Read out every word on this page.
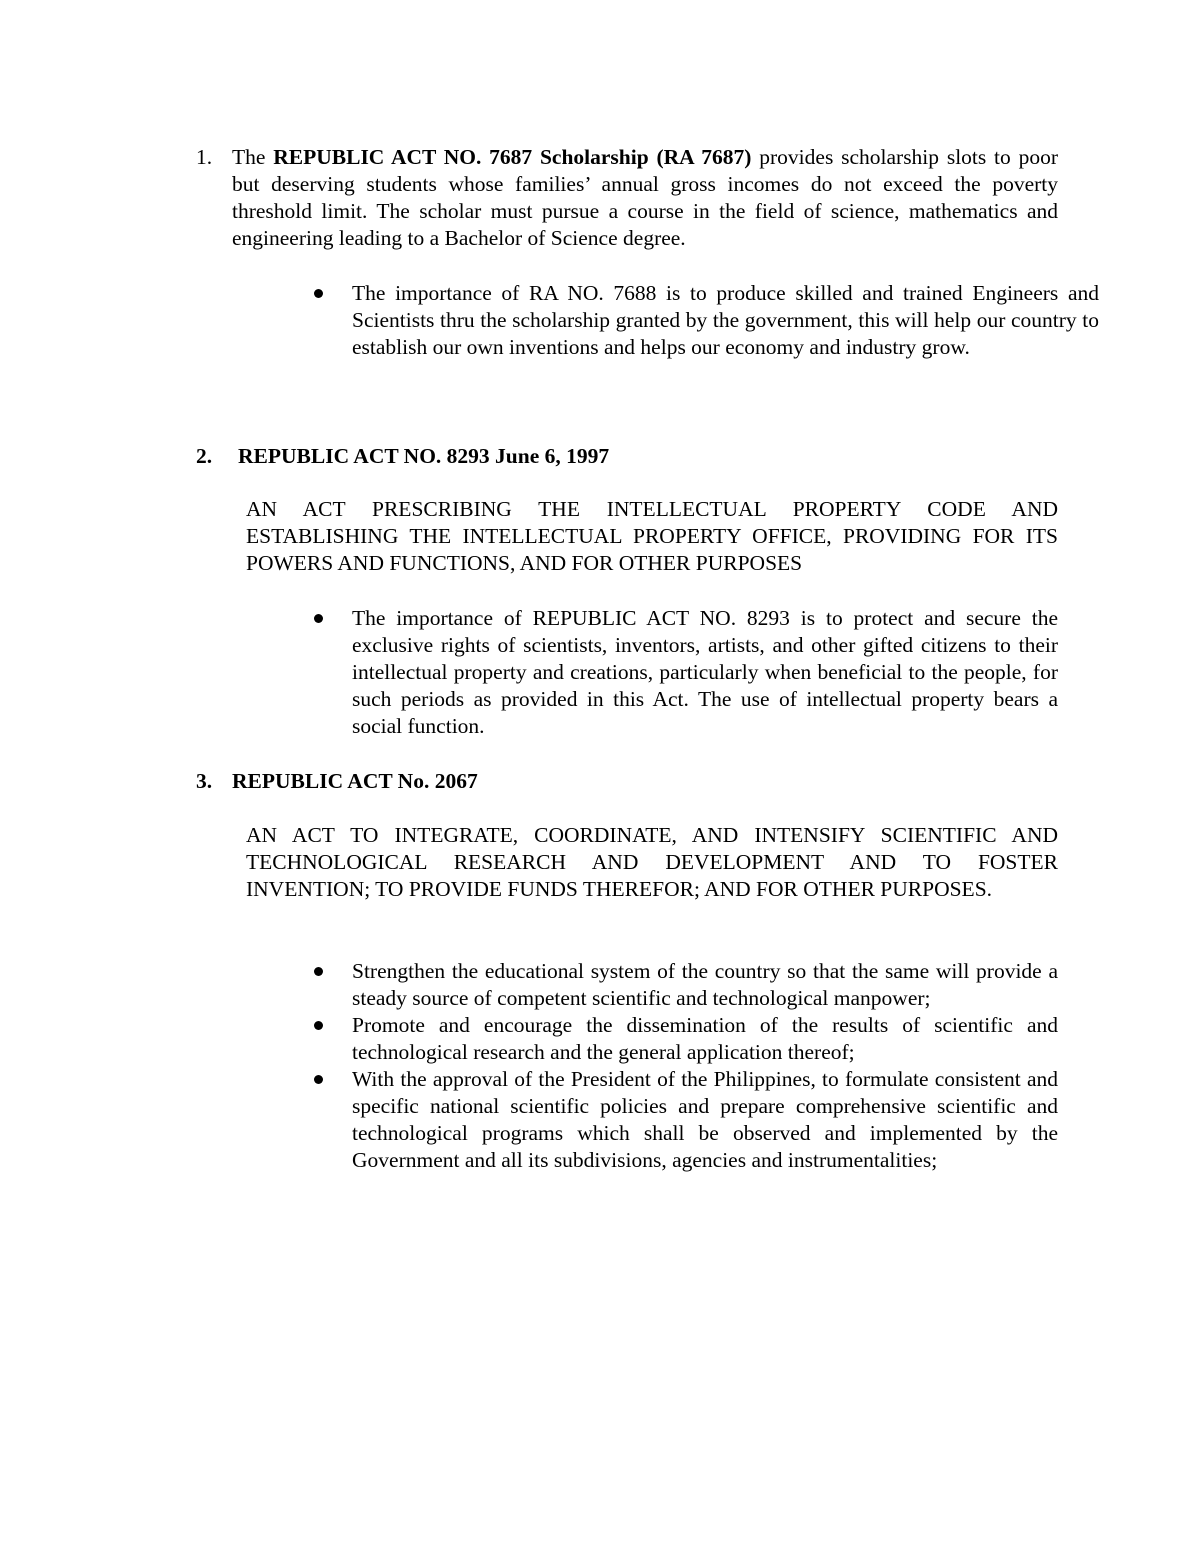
1. The REPUBLIC ACT NO. 7687 Scholarship (RA 7687) provides scholarship slots to poor but deserving students whose families’ annual gross incomes do not exceed the poverty threshold limit. The scholar must pursue a course in the field of science, mathematics and engineering leading to a Bachelor of Science degree.
The importance of RA NO. 7688 is to produce skilled and trained Engineers and Scientists thru the scholarship granted by the government, this will help our country to establish our own inventions and helps our economy and industry grow.
2. REPUBLIC ACT NO. 8293 June 6, 1997
AN ACT PRESCRIBING THE INTELLECTUAL PROPERTY CODE AND ESTABLISHING THE INTELLECTUAL PROPERTY OFFICE, PROVIDING FOR ITS POWERS AND FUNCTIONS, AND FOR OTHER PURPOSES
The importance of REPUBLIC ACT NO. 8293 is to protect and secure the exclusive rights of scientists, inventors, artists, and other gifted citizens to their intellectual property and creations, particularly when beneficial to the people, for such periods as provided in this Act. The use of intellectual property bears a social function.
3. REPUBLIC ACT No. 2067
AN ACT TO INTEGRATE, COORDINATE, AND INTENSIFY SCIENTIFIC AND TECHNOLOGICAL RESEARCH AND DEVELOPMENT AND TO FOSTER INVENTION; TO PROVIDE FUNDS THEREFOR; AND FOR OTHER PURPOSES.
Strengthen the educational system of the country so that the same will provide a steady source of competent scientific and technological manpower;
Promote and encourage the dissemination of the results of scientific and technological research and the general application thereof;
With the approval of the President of the Philippines, to formulate consistent and specific national scientific policies and prepare comprehensive scientific and technological programs which shall be observed and implemented by the Government and all its subdivisions, agencies and instrumentalities;
